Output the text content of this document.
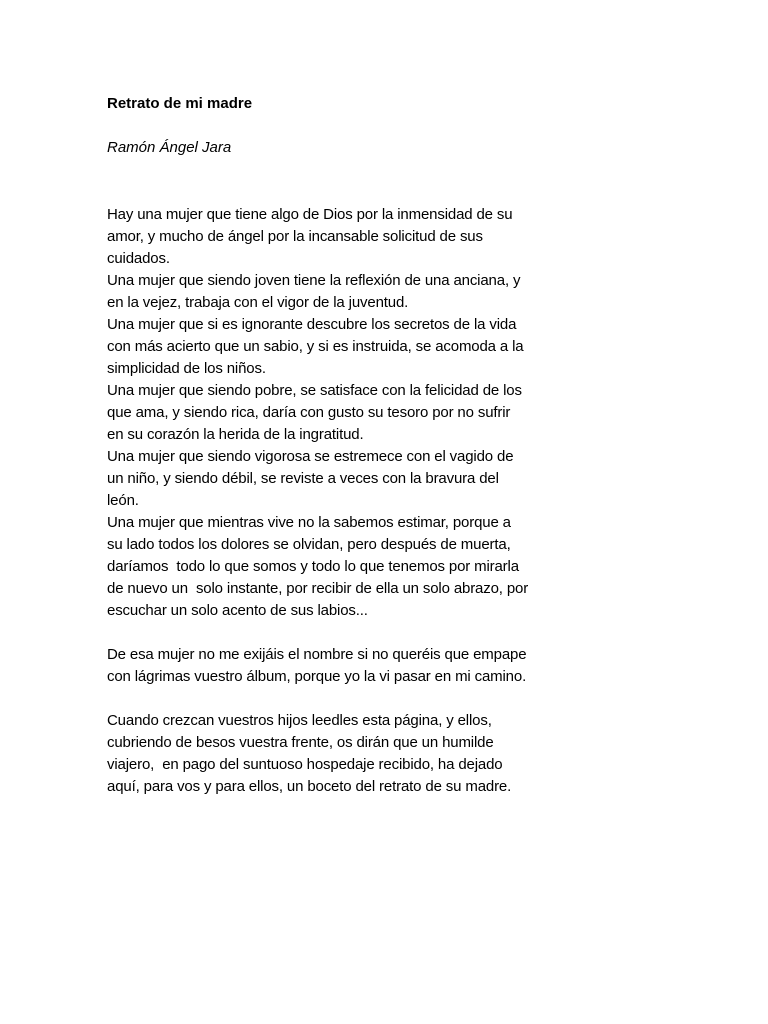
Retrato de mi madre
Ramón Ángel Jara
Hay una mujer que tiene algo de Dios por la inmensidad de su
amor, y mucho de ángel por la incansable solicitud de sus
cuidados.
Una mujer que siendo joven tiene la reflexión de una anciana, y
en la vejez, trabaja con el vigor de la juventud.
Una mujer que si es ignorante descubre los secretos de la vida
con más acierto que un sabio, y si es instruida, se acomoda a la
simplicidad de los niños.
Una mujer que siendo pobre, se satisface con la felicidad de los
que ama, y siendo rica, daría con gusto su tesoro por no sufrir
en su corazón la herida de la ingratitud.
Una mujer que siendo vigorosa se estremece con el vagido de
un niño, y siendo débil, se reviste a veces con la bravura del
león.
Una mujer que mientras vive no la sabemos estimar, porque a
su lado todos los dolores se olvidan, pero después de muerta,
daríamos  todo lo que somos y todo lo que tenemos por mirarla
de nuevo un  solo instante, por recibir de ella un solo abrazo, por
escuchar un solo acento de sus labios...
De esa mujer no me exijáis el nombre si no queréis que empape
con lágrimas vuestro álbum, porque yo la vi pasar en mi camino.
Cuando crezcan vuestros hijos leedles esta página, y ellos,
cubriendo de besos vuestra frente, os dirán que un humilde
viajero,  en pago del suntuoso hospedaje recibido, ha dejado
aquí, para vos y para ellos, un boceto del retrato de su madre.
